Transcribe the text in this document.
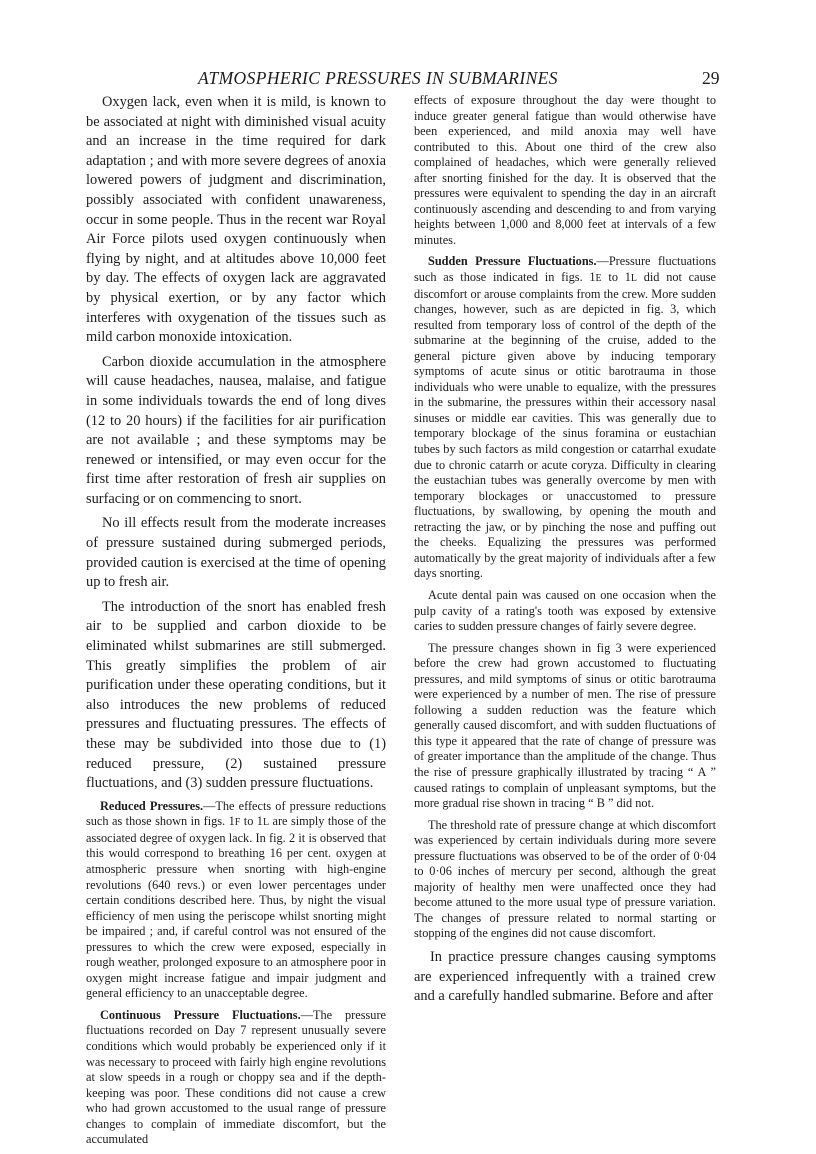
ATMOSPHERIC PRESSURES IN SUBMARINES	29

Oxygen lack, even when it is mild, is known to be associated at night with diminished visual acuity and an increase in the time required for dark adaptation ; and with more severe degrees of anoxia lowered powers of judgment and discrimination, possibly associated with confident unawareness, occur in some people. Thus in the recent war Royal Air Force pilots used oxygen continuously when flying by night, and at altitudes above 10,000 feet by day. The effects of oxygen lack are aggravated by physical exertion, or by any factor which interferes with oxygenation of the tissues such as mild carbon monoxide intoxication.

Carbon dioxide accumulation in the atmosphere will cause headaches, nausea, malaise, and fatigue in some individuals towards the end of long dives (12 to 20 hours) if the facilities for air purification are not available ; and these symptoms may be renewed or intensified, or may even occur for the first time after restoration of fresh air supplies on surfacing or on commencing to snort.

No ill effects result from the moderate increases of pressure sustained during submerged periods, provided caution is exercised at the time of opening up to fresh air.

The introduction of the snort has enabled fresh air to be supplied and carbon dioxide to be eliminated whilst submarines are still submerged. This greatly simplifies the problem of air purification under these operating conditions, but it also introduces the new problems of reduced pressures and fluctuating pressures. The effects of these may be subdivided into those due to (1) reduced pressure, (2) sustained pressure fluctuations, and (3) sudden pressure fluctuations.

Reduced Pressures.—The effects of pressure reductions such as those shown in figs. 1F to 1L are simply those of the associated degree of oxygen lack. In fig. 2 it is observed that this would correspond to breathing 16 per cent. oxygen at atmospheric pressure when snorting with high-engine revolutions (640 revs.) or even lower percentages under certain conditions described here. Thus, by night the visual efficiency of men using the periscope whilst snorting might be impaired ; and, if careful control was not ensured of the pressures to which the crew were exposed, especially in rough weather, prolonged exposure to an atmosphere poor in oxygen might increase fatigue and impair judgment and general efficiency to an unacceptable degree.

Continuous Pressure Fluctuations.—The pressure fluctuations recorded on Day 7 represent unusually severe conditions which would probably be experienced only if it was necessary to proceed with fairly high engine revolutions at slow speeds in a rough or choppy sea and if the depth-keeping was poor. These conditions did not cause a crew who had grown accustomed to the usual range of pressure changes to complain of immediate discomfort, but the accumulated

effects of exposure throughout the day were thought to induce greater general fatigue than would otherwise have been experienced, and mild anoxia may well have contributed to this. About one third of the crew also complained of headaches, which were generally relieved after snorting finished for the day. It is observed that the pressures were equivalent to spending the day in an aircraft continuously ascending and descending to and from varying heights between 1,000 and 8,000 feet at intervals of a few minutes.

Sudden Pressure Fluctuations.—Pressure fluctuations such as those indicated in figs. 1E to 1L did not cause discomfort or arouse complaints from the crew. More sudden changes, however, such as are depicted in fig. 3, which resulted from temporary loss of control of the depth of the submarine at the beginning of the cruise, added to the general picture given above by inducing temporary symptoms of acute sinus or otitic barotrauma in those individuals who were unable to equalize, with the pressures in the submarine, the pressures within their accessory nasal sinuses or middle ear cavities. This was generally due to temporary blockage of the sinus foramina or eustachian tubes by such factors as mild congestion or catarrhal exudate due to chronic catarrh or acute coryza. Difficulty in clearing the eustachian tubes was generally overcome by men with temporary blockages or unaccustomed to pressure fluctuations, by swallowing, by opening the mouth and retracting the jaw, or by pinching the nose and puffing out the cheeks. Equalizing the pressures was performed automatically by the great majority of individuals after a few days snorting.

Acute dental pain was caused on one occasion when the pulp cavity of a rating's tooth was exposed by extensive caries to sudden pressure changes of fairly severe degree.

The pressure changes shown in fig 3 were experienced before the crew had grown accustomed to fluctuating pressures, and mild symptoms of sinus or otitic barotrauma were experienced by a number of men. The rise of pressure following a sudden reduction was the feature which generally caused discomfort, and with sudden fluctuations of this type it appeared that the rate of change of pressure was of greater importance than the amplitude of the change. Thus the rise of pressure graphically illustrated by tracing “ A ” caused ratings to complain of unpleasant symptoms, but the more gradual rise shown in tracing “ B ” did not.

The threshold rate of pressure change at which discomfort was experienced by certain individuals during more severe pressure fluctuations was observed to be of the order of 0·04 to 0·06 inches of mercury per second, although the great majority of healthy men were unaffected once they had become attuned to the more usual type of pressure variation. The changes of pressure related to normal starting or stopping of the engines did not cause discomfort.

In practice pressure changes causing symptoms are experienced infrequently with a trained crew and a carefully handled submarine. Before and after
